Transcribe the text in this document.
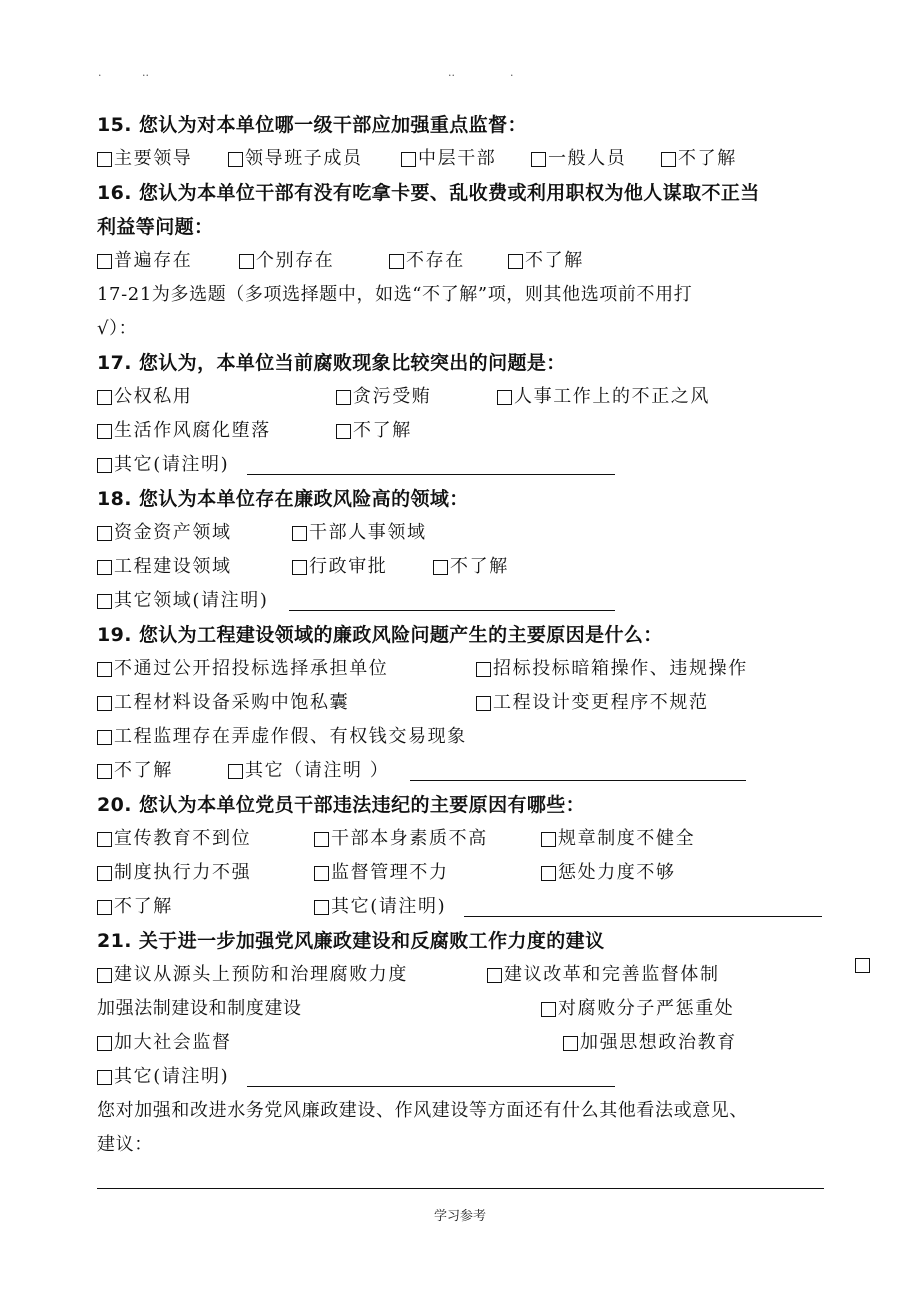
·	··	··	·
15. 您认为对本单位哪一级干部应加强重点监督：
主要领导	领导班子成员	中层干部	一般人员	不了解
16. 您认为本单位干部有没有吃拿卡要、乱收费或利用职权为他人谋取不正当
利益等问题：
普遍存在	个别存在	不存在	不了解
17-21为多选题（多项选择题中，如选“不了解”项，则其他选项前不用打
√）：
17. 您认为，本单位当前腐败现象比较突出的问题是：
公权私用	贪污受贿	人事工作上的不正之风
生活作风腐化堕落	不了解
其它(请注明)
18. 您认为本单位存在廉政风险高的领域：
资金资产领域	干部人事领域
工程建设领域	行政审批	不了解
其它领域(请注明)
19. 您认为工程建设领域的廉政风险问题产生的主要原因是什么：
不通过公开招投标选择承担单位	招标投标暗箱操作、违规操作
工程材料设备采购中饱私囊	工程设计变更程序不规范
工程监理存在弄虚作假、有权钱交易现象
不了解	其它（请注明 ）
20. 您认为本单位党员干部违法违纪的主要原因有哪些：
宣传教育不到位	干部本身素质不高	规章制度不健全
制度执行力不强	监督管理不力	惩处力度不够
不了解	其它(请注明)
21. 关于进一步加强党风廉政建设和反腐败工作力度的建议
建议从源头上预防和治理腐败力度	建议改革和完善监督体制
加强法制建设和制度建设	对腐败分子严惩重处
加大社会监督	加强思想政治教育
其它(请注明)
您对加强和改进水务党风廉政建设、作风建设等方面还有什么其他看法或意见、
建议：
学习参考
